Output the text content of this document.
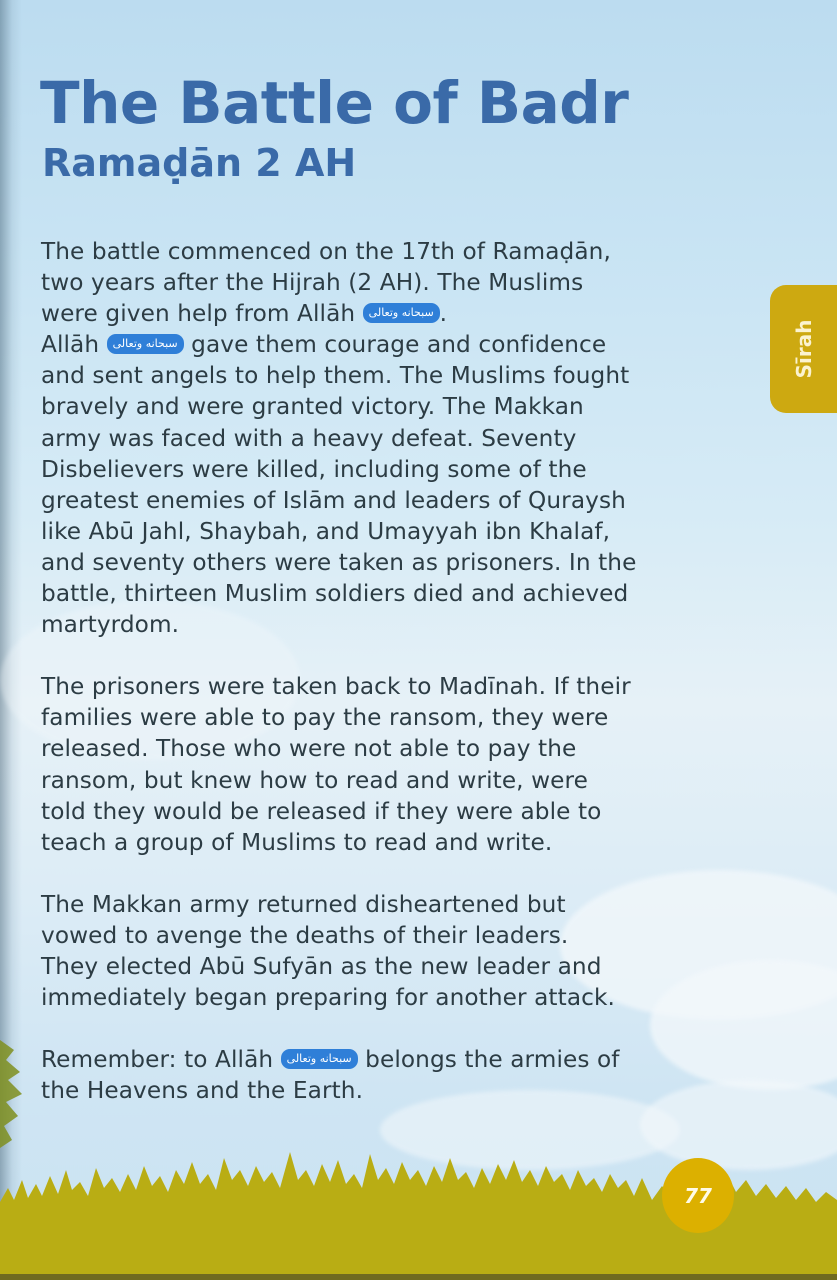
The Battle of Badr
Ramaḍān 2 AH
Sīrah

The battle commenced on the 17th of Ramaḍān,
two years after the Hijrah (2 AH). The Muslims
were given help from Allāh سبحانه وتعالى .
Allāh سبحانه وتعالى gave them courage and confidence
and sent angels to help them. The Muslims fought
bravely and were granted victory. The Makkan
army was faced with a heavy defeat. Seventy
Disbelievers were killed, including some of the
greatest enemies of Islām and leaders of Quraysh
like Abū Jahl, Shaybah, and Umayyah ibn Khalaf,
and seventy others were taken as prisoners. In the
battle, thirteen Muslim soldiers died and achieved
martyrdom.

The prisoners were taken back to Madīnah. If their
families were able to pay the ransom, they were
released. Those who were not able to pay the
ransom, but knew how to read and write, were
told they would be released if they were able to
teach a group of Muslims to read and write.

The Makkan army returned disheartened but
vowed to avenge the deaths of their leaders.
They elected Abū Sufyān as the new leader and
immediately began preparing for another attack.

Remember: to Allāh سبحانه وتعالى belongs the armies of
the Heavens and the Earth.

77
